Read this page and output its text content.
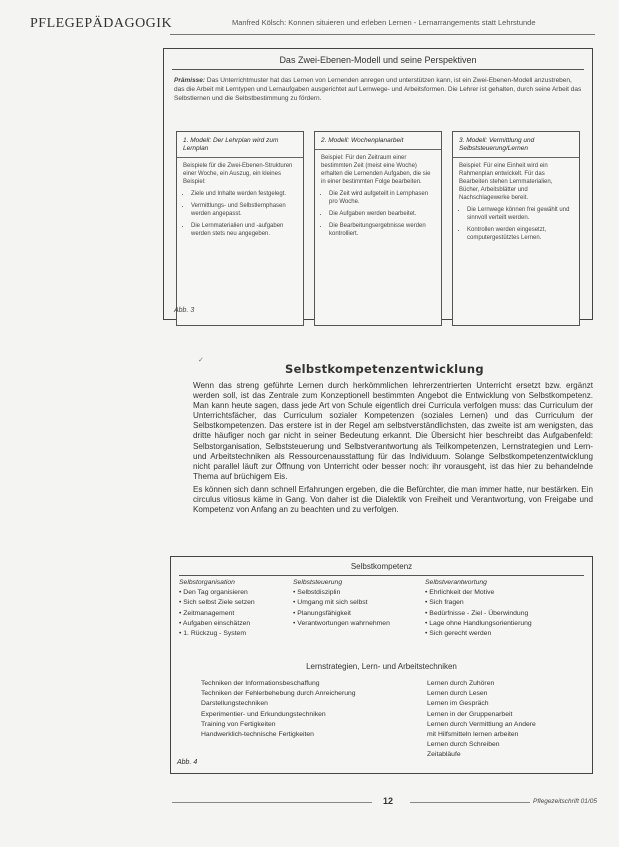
PFLEGEPÄDAGOGIK	Manfred Kölsch: Konnen situieren und erleben Lernen - Lernarrangements statt Lehrstunde
Das Zwei-Ebenen-Modell und seine Perspektiven
Prämisse: Das Unterrichtmuster hat das Lernen von Lernenden anregen und unterstützen kann, ist ein Zwei-Ebenen-Modell anzustreben, das die Arbeit mit Lerntypen und Lernaufgaben ausgerichtet auf Lernwege- und Arbeitsformen. Die Lehrer ist gehalten, durch seine Arbeit das Selbstlernen und die Selbstbestimmung zu fördern.
1. Modell: Der Lehrplan wird zum Lernplan
Beispiele für die Zwei-Ebenen-Strukturen einer Woche, ein Auszug, ein kleines Beispiel:
• Ziele und Inhalte werden festgelegt.
• Vermittlungs- und Selbstlernphasen werden angepasst.
• Die Lernmaterialien und -aufgaben werden stets neu angegeben.
2. Modell: Wochenplanarbeit
Beispiel: Für den Zeitraum einer bestimmten Zeit (meist eine Woche) erhalten die Lernenden Aufgaben, die sie in einer bestimmten Folge bearbeiten.
• Die Zeit wird aufgeteilt in Lernphasen pro Woche.
• Die Aufgaben werden bearbeitet.
• Die Bearbeitungsergebnisse werden kontrolliert.
3. Modell: Vermittlung und Selbststeuerung/Lernen
Beispiel: Für eine Einheit wird ein Rahmenplan entwickelt. Für das Bearbeiten stehen Lernmaterialien, Bücher, Arbeitsblätter und Nachschlagewerke bereit.
• Die Lernwege können frei gewählt und sinnvoll verteilt werden.
• Kontrollen werden eingesetzt, computergestütztes Lernen.
Abb. 3
✓
Selbstkompetenzentwicklung

Wenn das streng geführte Lernen durch herkömmlichen lehrerzentrierten Unterricht ersetzt bzw. ergänzt werden soll, ist das Zentrale zum Konzeptionell bestimmten Angebot die Entwicklung von Selbstkompetenz. Man kann heute sagen, dass jede Art von Schule eigentlich drei Curricula verfolgen muss: das Curriculum der Unterrichtsfächer, das Curriculum sozialer Kompetenzen (soziales Lernen) und das Curriculum der Selbstkompetenzen. Das erstere ist in der Regel am selbstverständlichsten, das zweite ist am wenigsten, das dritte häufiger noch gar nicht in seiner Bedeutung erkannt. Die Übersicht hier beschreibt das Aufgabenfeld: Selbstorganisation, Selbststeuerung und Selbstverantwortung als Teilkompetenzen, Lernstrategien und Lern- und Arbeitstechniken als Ressourcenausstattung für das Individuum. Solange Selbstkompetenzentwicklung nicht parallel läuft zur Öffnung von Unterricht oder besser noch: ihr vorausgeht, ist das hier zu behandelnde Thema auf brüchigem Eis.

Es können sich dann schnell Erfahrungen ergeben, die die Befürchter, die man immer hatte, nur bestärken. Ein circulus vitiosus käme in Gang. Von daher ist die Dialektik von Freiheit und Verantwortung, von Freigabe und Kompetenz von Anfang an zu beachten und zu verfolgen.

Selbstkompetenz
Selbstorganisation
• Den Tag organisieren
• Sich selbst Ziele setzen
• Zeitmanagement
• Aufgaben einschätzen
• 1. Rückzug - System
Selbststeuerung
• Selbstdisziplin
• Umgang mit sich selbst
• Planungsfähigkeit
• Verantwortungen wahrnehmen
Selbstverantwortung
• Ehrlichkeit der Motive
• Sich fragen
• Bedürfnisse - Ziel - Überwindung
• Lage ohne Handlungsorientierung
• Sich gerecht werden
Lernstrategien, Lern- und Arbeitstechniken
Techniken der Informationsbeschaffung
Techniken der Fehlerbehebung durch Anreicherung
Darstellungstechniken
Experimentier- und Erkundungstechniken
Training von Fertigkeiten
Handwerklich-technische Fertigkeiten
Lernen durch Zuhören
Lernen durch Lesen
Lernen im Gespräch
Lernen in der Gruppenarbeit
Lernen durch Vermittlung an Andere
mit Hilfsmitteln lernen arbeiten
Lernen durch Schreiben
Zeitabläufe
Abb. 4
12	Pflegezeitschrift 01/05
